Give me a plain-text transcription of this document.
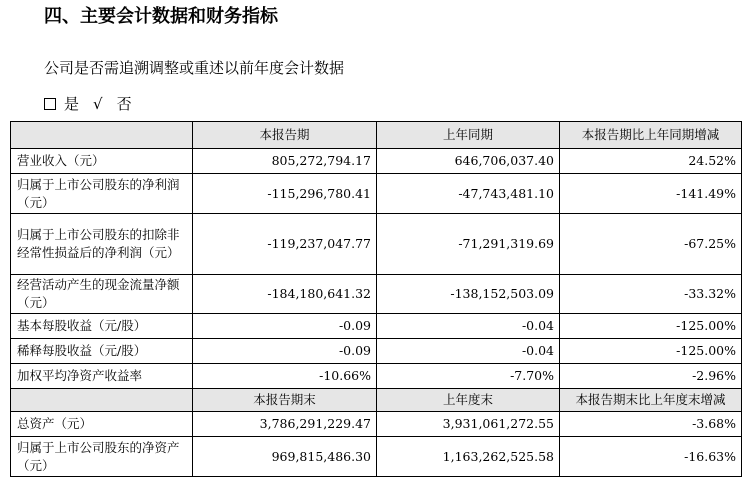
四、主要会计数据和财务指标
公司是否需追溯调整或重述以前年度会计数据
是 √ 否
	本报告期	上年同期	本报告期比上年同期增减
营业收入（元）	805,272,794.17	646,706,037.40	24.52%
归属于上市公司股东的净利润（元）	-115,296,780.41	-47,743,481.10	-141.49%
归属于上市公司股东的扣除非经常性损益后的净利润（元）	-119,237,047.77	-71,291,319.69	-67.25%
经营活动产生的现金流量净额（元）	-184,180,641.32	-138,152,503.09	-33.32%
基本每股收益（元/股）	-0.09	-0.04	-125.00%
稀释每股收益（元/股）	-0.09	-0.04	-125.00%
加权平均净资产收益率	-10.66%	-7.70%	-2.96%
	本报告期末	上年度末	本报告期末比上年度末增减
总资产（元）	3,786,291,229.47	3,931,061,272.55	-3.68%
归属于上市公司股东的净资产（元）	969,815,486.30	1,163,262,525.58	-16.63%
